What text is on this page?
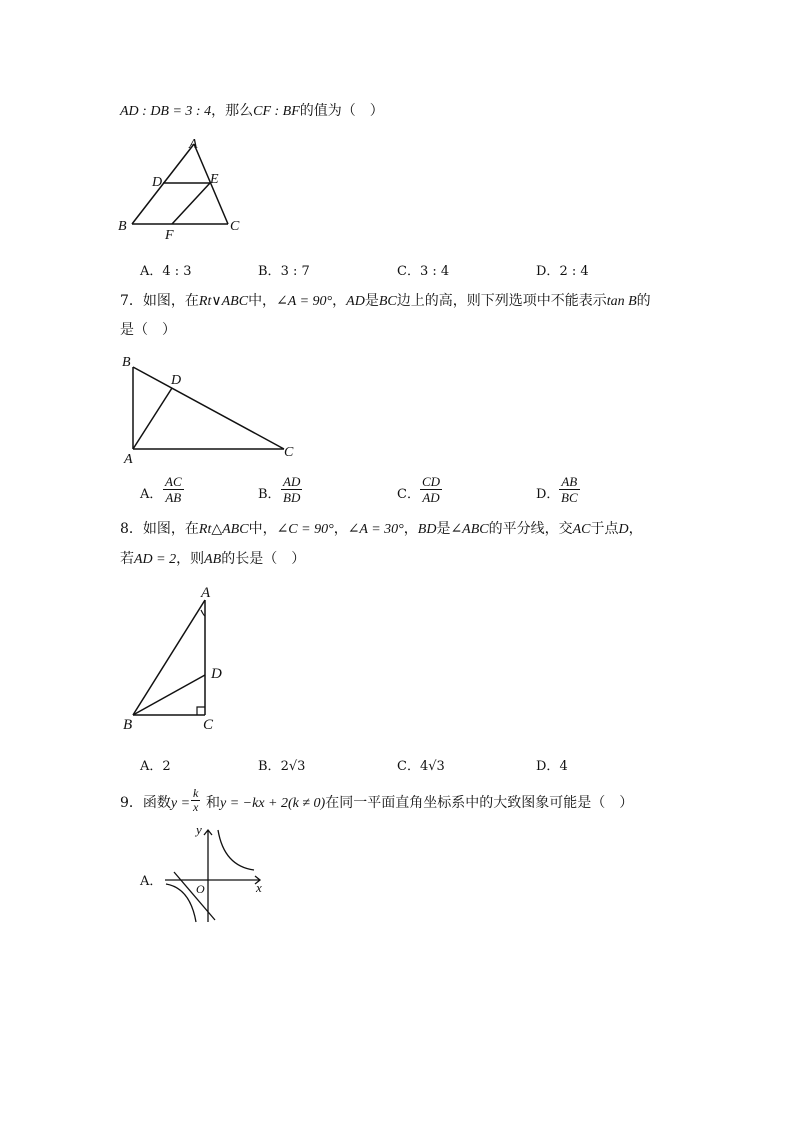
AD : DB = 3 : 4，那么CF : BF的值为（　）
A
D	E
B
F
C
A．4 : 3	B．3 : 7	C．3 : 4	D．2 : 4
7．如图，在Rt∨ABC中，∠A = 90°，AD是BC边上的高，则下列选项中不能表示tan B的
是（　）
B
D
A	C
A． $\frac{AC}{AB}$	B． $\frac{AD}{BD}$	C． $\frac{CD}{AD}$	D． $\frac{AB}{BC}$
8．如图，在Rt△ABC中，∠C = 90°，∠A = 30°，BD是∠ABC的平分线，交AC于点D，
若AD = 2，则AB的长是（　）
A
D
B	C
A．2	B．2√3	C．4√3	D．4
9．函数$y = \frac{k}{x}$ 和y = −kx + 2(k ≠ 0)在同一平面直角坐标系中的大致图象可能是（　）
A．
y
x
O
